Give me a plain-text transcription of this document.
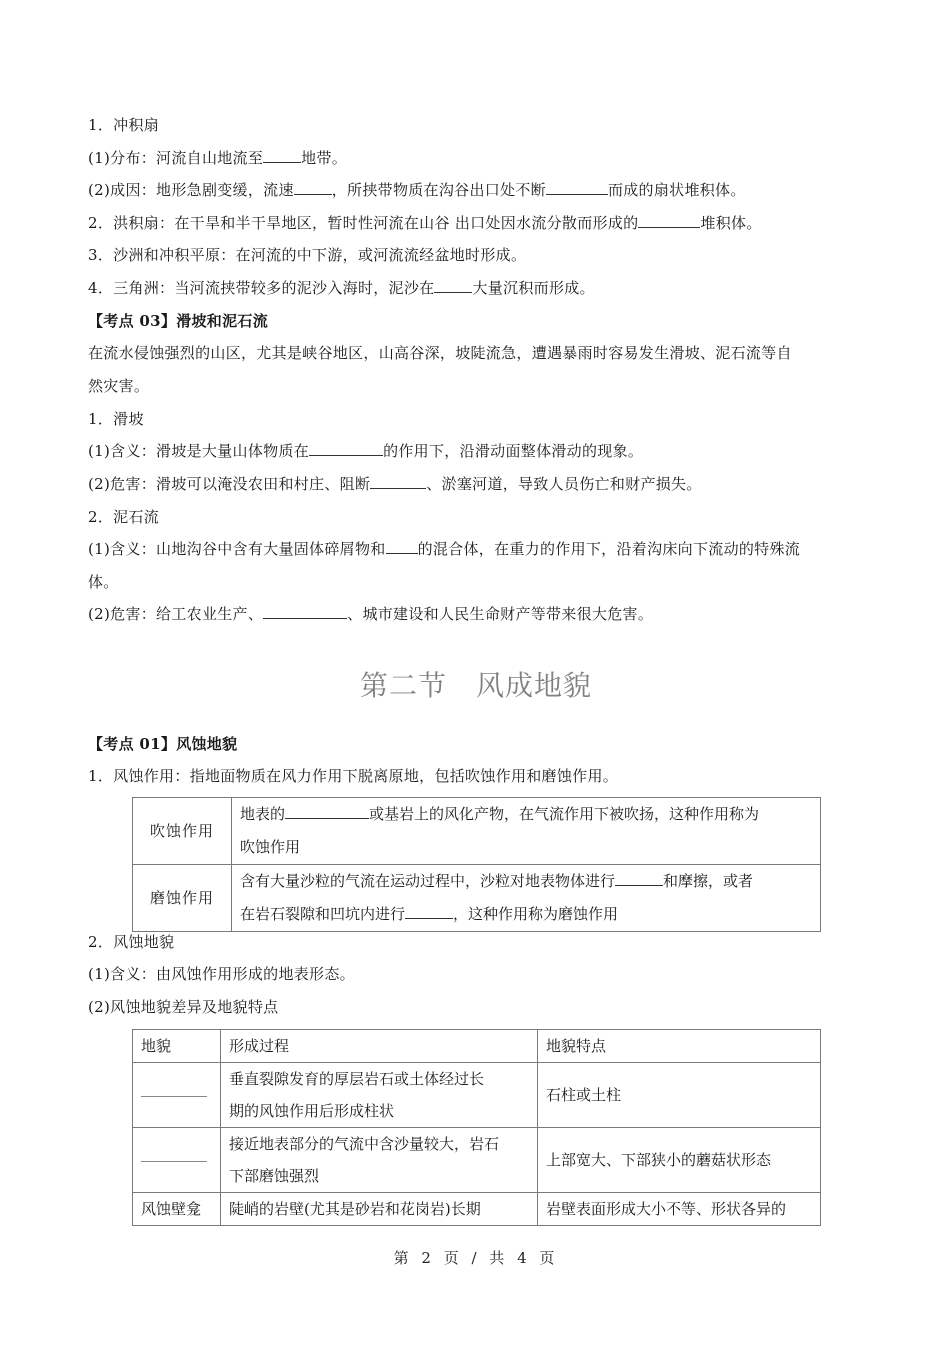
1．冲积扇
(1)分布：河流自山地流至	地带。
(2)成因：地形急剧变缓，流速	，所挟带物质在沟谷出口处不断	而成的扇状堆积体。
2．洪积扇：在干旱和半干旱地区，暂时性河流在山谷 出口处因水流分散而形成的	堆积体。
3．沙洲和冲积平原：在河流的中下游，或河流流经盆地时形成。
4．三角洲：当河流挟带较多的泥沙入海时，泥沙在	大量沉积而形成。
【考点 03】滑坡和泥石流
在流水侵蚀强烈的山区，尤其是峡谷地区，山高谷深，坡陡流急，遭遇暴雨时容易发生滑坡、泥石流等自
然灾害。
1．滑坡
(1)含义：滑坡是大量山体物质在	的作用下，沿滑动面整体滑动的现象。
(2)危害：滑坡可以淹没农田和村庄、阻断	、淤塞河道，导致人员伤亡和财产损失。
2．泥石流
(1)含义：山地沟谷中含有大量固体碎屑物和 的混合体，在重力的作用下，沿着沟床向下流动的特殊流
体。
(2)危害：给工农业生产、	、城市建设和人民生命财产等带来很大危害。
第二节　风成地貌
【考点 01】风蚀地貌
1．风蚀作用：指地面物质在风力作用下脱离原地，包括吹蚀作用和磨蚀作用。
吹蚀作用	地表的 或基岩上的风化产物，在气流作用下被吹扬，这种作用称为
吹蚀作用

磨蚀作用	含有大量沙粒的气流在运动过程中，沙粒对地表物体进行 和摩擦，或者
在岩石裂隙和凹坑内进行 ，这种作用称为磨蚀作用
2．风蚀地貌
(1)含义：由风蚀作用形成的地表形态。
(2)风蚀地貌差异及地貌特点
地貌	形成过程	地貌特点

	垂直裂隙发育的厚层岩石或土体经过长
期的风蚀作用后形成柱状	石柱或土柱

	接近地表部分的气流中含沙量较大，岩石
下部磨蚀强烈	上部宽大、下部狭小的蘑菇状形态
风蚀壁龛	陡峭的岩壁(尤其是砂岩和花岗岩)长期	岩壁表面形成大小不等、形状各异的
第 2 页 / 共 4 页
